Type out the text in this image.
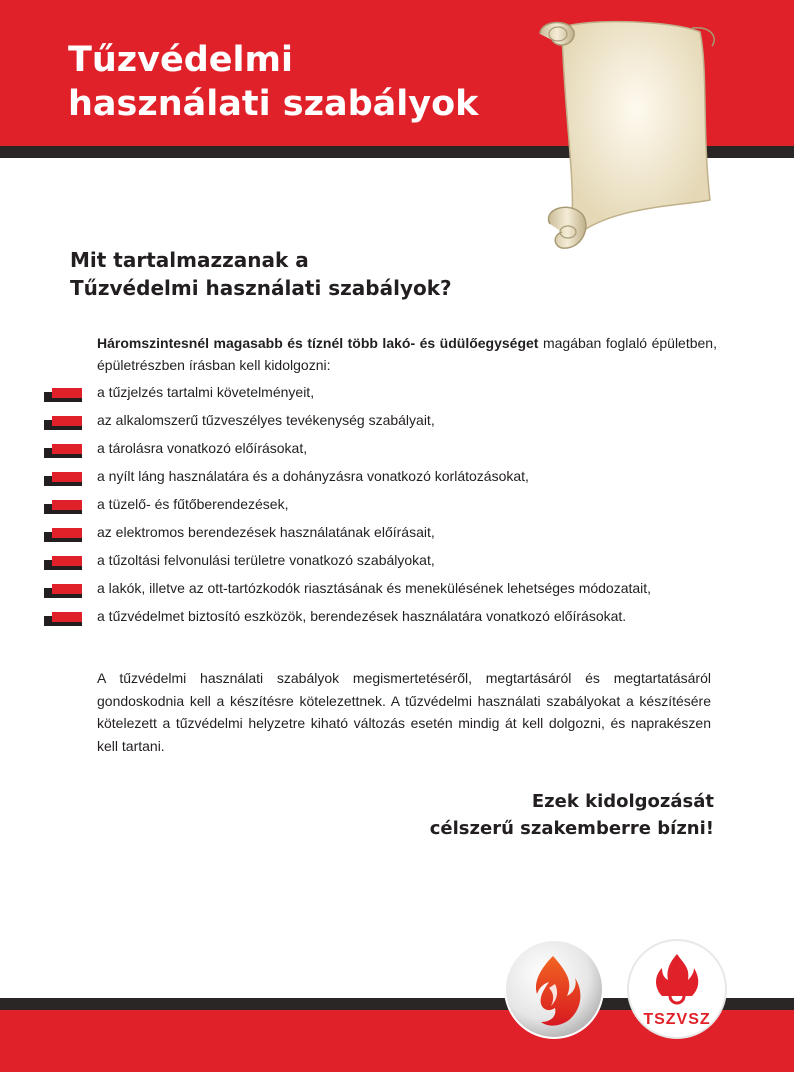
Tűzvédelmi
használati szabályok
Mit tartalmazzanak a
Tűzvédelmi használati szabályok?

Háromszintesnél magasabb és tíznél több lakó- és üdülőegységet magában foglaló épületben, épületrészben írásban kell kidolgozni:

a tűzjelzés tartalmi követelményeit,
az alkalomszerű tűzveszélyes tevékenység szabályait,
a tárolásra vonatkozó előírásokat,
a nyílt láng használatára és a dohányzásra vonatkozó korlátozásokat,
a tüzelő- és fűtőberendezések,
az elektromos berendezések használatának előírásait,
a tűzoltási felvonulási területre vonatkozó szabályokat,
a lakók, illetve az ott-tartózkodók riasztásának és menekülésének lehetséges módozatait,
a tűzvédelmet biztosító eszközök, berendezések használatára vonatkozó előírásokat.

A tűzvédelmi használati szabályok megismertetéséről, megtartásáról és megtartatásáról gondoskodnia kell a készítésre kötelezettnek. A tűzvédelmi használati szabályokat a készítésére kötelezett a tűzvédelmi helyzetre kiható változás esetén mindig át kell dolgozni, és naprakészen kell tartani.

Ezek kidolgozását
célszerű szakemberre bízni!

TSZVSZ
